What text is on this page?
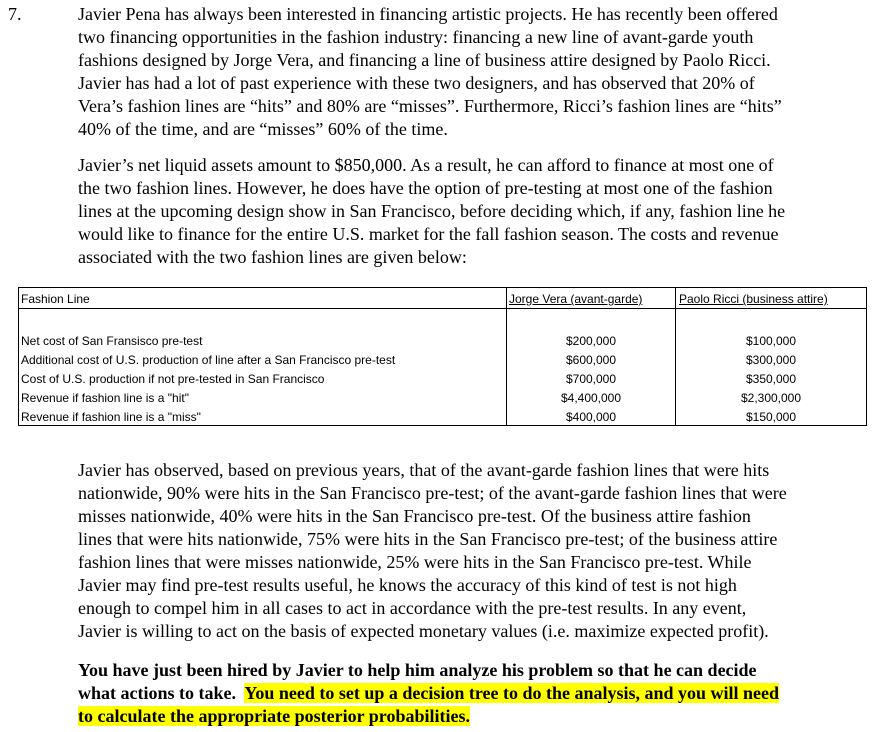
7.	Javier Pena has always been interested in financing artistic projects. He has recently been offered
two financing opportunities in the fashion industry: financing a new line of avant-garde youth
fashions designed by Jorge Vera, and financing a line of business attire designed by Paolo Ricci.
Javier has had a lot of past experience with these two designers, and has observed that 20% of
Vera’s fashion lines are “hits” and 80% are “misses”. Furthermore, Ricci’s fashion lines are “hits”
40% of the time, and are “misses” 60% of the time.
Javier’s net liquid assets amount to $850,000. As a result, he can afford to finance at most one of
the two fashion lines. However, he does have the option of pre-testing at most one of the fashion
lines at the upcoming design show in San Francisco, before deciding which, if any, fashion line he
would like to finance for the entire U.S. market for the fall fashion season. The costs and revenue
associated with the two fashion lines are given below:
Fashion Line	Jorge Vera (avant-garde)	Paolo Ricci (business attire)
Net cost of San Fransisco pre-test	$200,000	$100,000
Additional cost of U.S. production of line after a San Francisco pre-test	$600,000	$300,000
Cost of U.S. production if not pre-tested in San Francisco	$700,000	$350,000
Revenue if fashion line is a "hit"	$4,400,000	$2,300,000
Revenue if fashion line is a "miss"	$400,000	$150,000
Javier has observed, based on previous years, that of the avant-garde fashion lines that were hits
nationwide, 90% were hits in the San Francisco pre-test; of the avant-garde fashion lines that were
misses nationwide, 40% were hits in the San Francisco pre-test. Of the business attire fashion
lines that were hits nationwide, 75% were hits in the San Francisco pre-test; of the business attire
fashion lines that were misses nationwide, 25% were hits in the San Francisco pre-test. While
Javier may find pre-test results useful, he knows the accuracy of this kind of test is not high
enough to compel him in all cases to act in accordance with the pre-test results. In any event,
Javier is willing to act on the basis of expected monetary values (i.e. maximize expected profit).
You have just been hired by Javier to help him analyze his problem so that he can decide
what actions to take.  You need to set up a decision tree to do the analysis, and you will need
to calculate the appropriate posterior probabilities.
